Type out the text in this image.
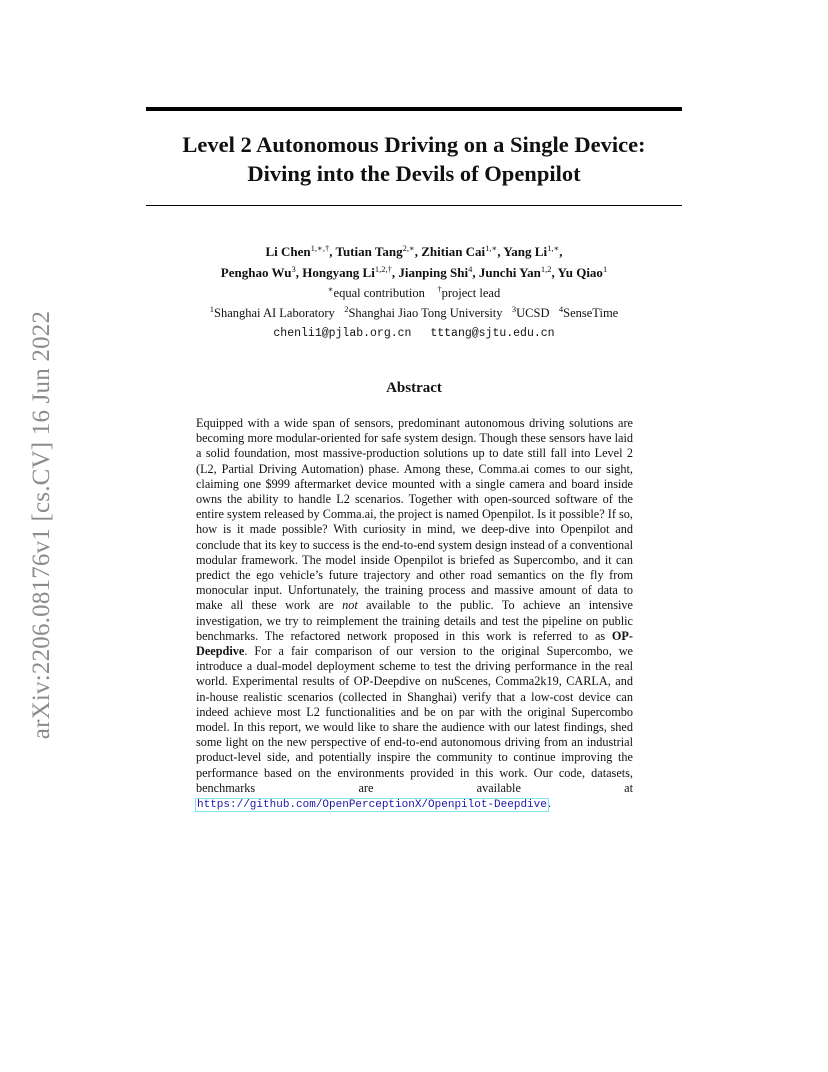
arXiv:2206.08176v1 [cs.CV] 16 Jun 2022
Level 2 Autonomous Driving on a Single Device:
Diving into the Devils of Openpilot
Li Chen$^{1,∗,\dagger}$, Tutian Tang$^{2,∗}$, Zhitian Cai$^{1,∗}$, Yang $Li^{1,∗}$,
Penghao Wu$^3$, Hongyang $Li^{1,2,\dagger}$, Jianping Shi$^4$, Junchi Yan$^{1,2}$, Yu Qiao$^1$
∗equal contribution †project lead
$^1$Shanghai AI Laboratory $^2$Shanghai Jiao Tong University $^3$UCSD $^4$SenseTime
chenli1@pjlab.org.cn tttang@sjtu.edu.cn
Abstract
Equipped with a wide span of sensors, predominant autonomous driving solutions are becoming more modular-oriented for safe system design. Though these sensors have laid a solid foundation, most massive-production solutions up to date still fall into Level 2 (L2, Partial Driving Automation) phase. Among these, Comma.ai comes to our sight, claiming one $999 aftermarket device mounted with a single camera and board inside owns the ability to handle L2 scenarios. Together with open-sourced software of the entire system released by Comma.ai, the project is named Openpilot. Is it possible? If so, how is it made possible? With curiosity in mind, we deep-dive into Openpilot and conclude that its key to success is the end-to-end system design instead of a conventional modular framework. The model inside Openpilot is briefed as Supercombo, and it can predict the ego vehicle’s future trajectory and other road semantics on the fly from monocular input. Unfortunately, the training process and massive amount of data to make all these work are not available to the public. To achieve an intensive investigation, we try to reimplement the training details and test the pipeline on public benchmarks. The refactored network proposed in this work is referred to as OP-Deepdive. For a fair comparison of our version to the original Supercombo, we introduce a dual-model deployment scheme to test the driving performance in the real world. Experimental results of OP-Deepdive on nuScenes, Comma2k19, CARLA, and in-house realistic scenarios (collected in Shanghai) verify that a low-cost device can indeed achieve most L2 functionalities and be on par with the original Supercombo model. In this report, we would like to share the audience with our latest findings, shed some light on the new perspective of end-to-end autonomous driving from an industrial product-level side, and potentially inspire the community to continue improving the performance based on the environments provided in this work. Our code, datasets, benchmarks are available at https://github.com/OpenPerceptionX/Openpilot-Deepdive.
